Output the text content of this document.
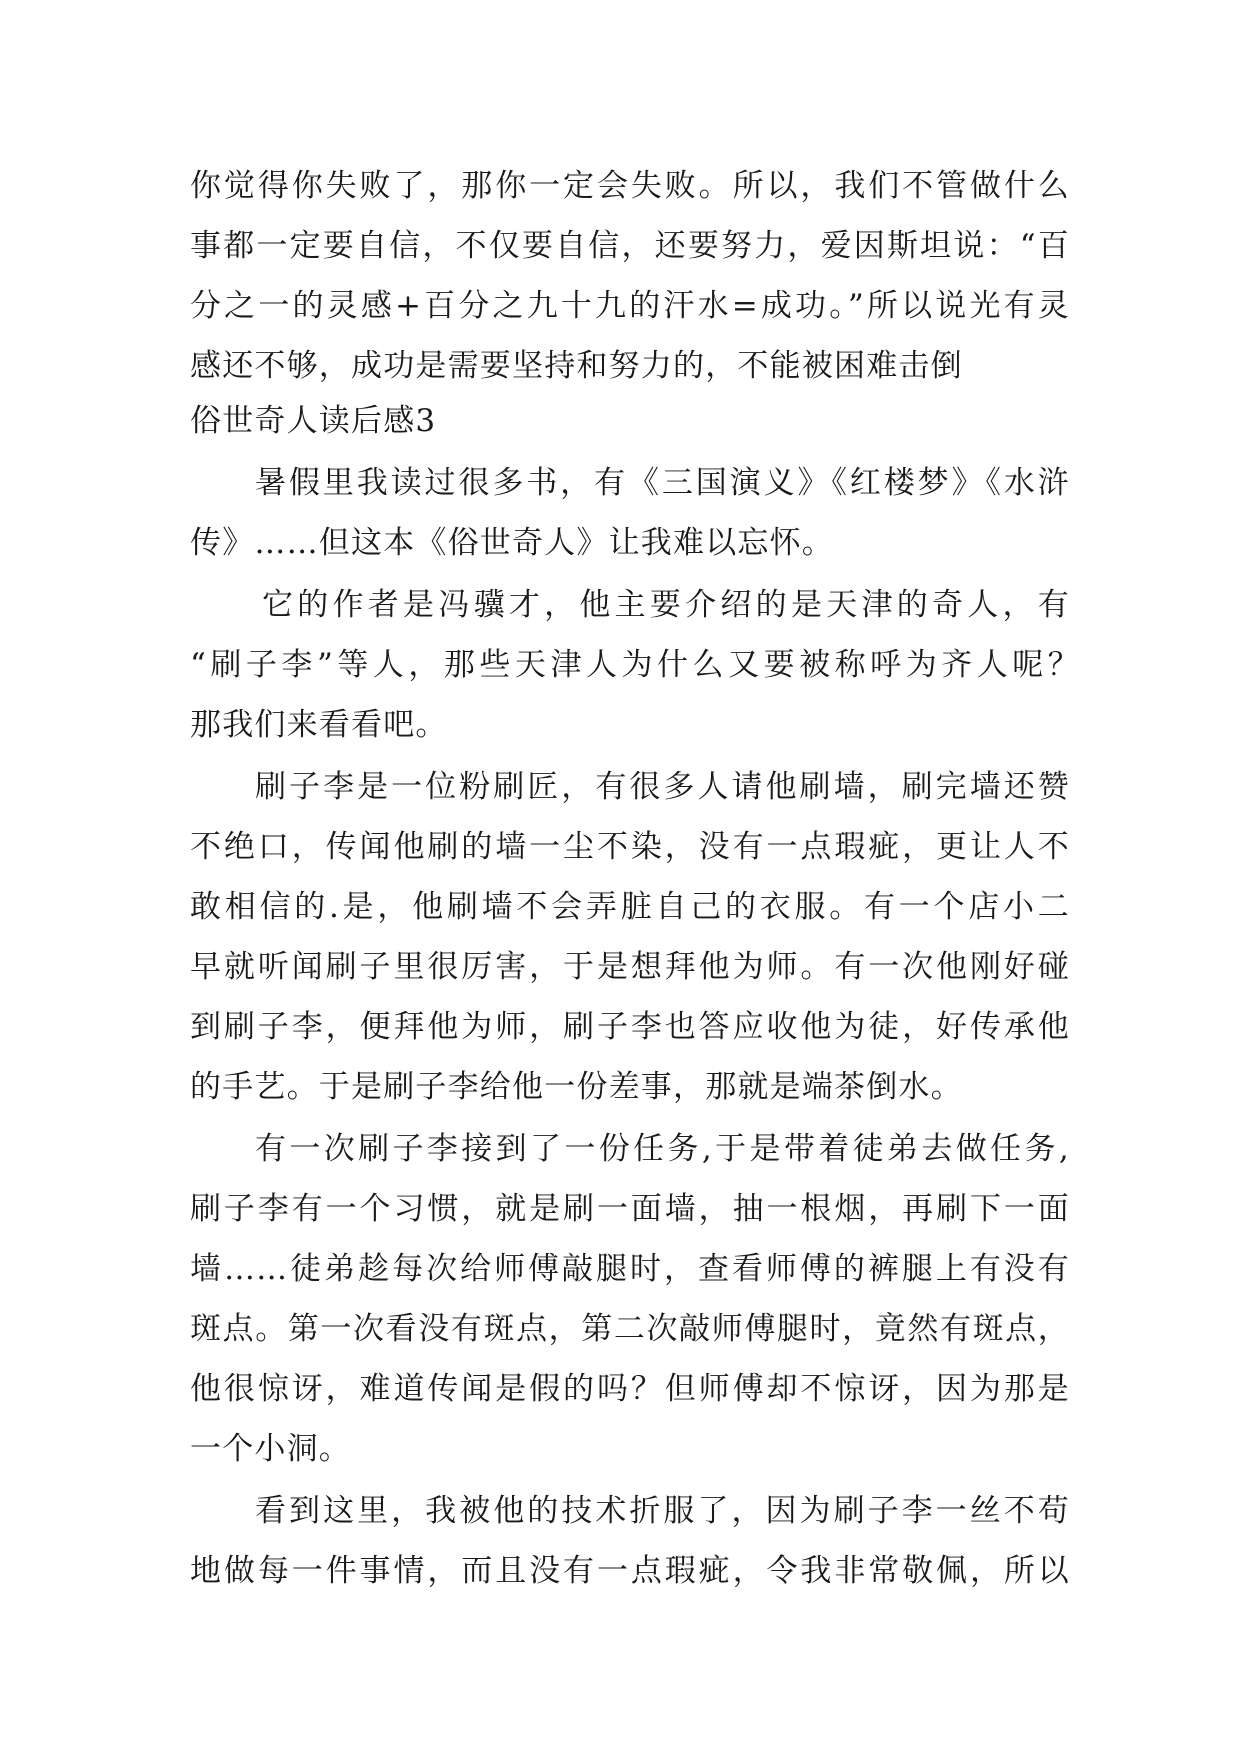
你觉得你失败了，那你一定会失败。所以，我们不管做什么
事都一定要自信，不仅要自信，还要努力，爱因斯坦说：“百
分之一的灵感+百分之九十九的汗水=成功。”所以说光有灵
感还不够，成功是需要坚持和努力的，不能被困难击倒
俗世奇人读后感3
暑假里我读过很多书，有《三国演义》《红楼梦》《水浒
传》……但这本《俗世奇人》让我难以忘怀。
它的作者是冯骥才，他主要介绍的是天津的奇人，有
“刷子李”等人，那些天津人为什么又要被称呼为齐人呢？
那我们来看看吧。
刷子李是一位粉刷匠，有很多人请他刷墙，刷完墙还赞
不绝口，传闻他刷的墙一尘不染，没有一点瑕疵，更让人不
敢相信的.是，他刷墙不会弄脏自己的衣服。有一个店小二
早就听闻刷子里很厉害，于是想拜他为师。有一次他刚好碰
到刷子李，便拜他为师，刷子李也答应收他为徒，好传承他
的手艺。于是刷子李给他一份差事，那就是端茶倒水。
有一次刷子李接到了一份任务,于是带着徒弟去做任务,
刷子李有一个习惯，就是刷一面墙，抽一根烟，再刷下一面
墙……徒弟趁每次给师傅敲腿时，查看师傅的裤腿上有没有
斑点。第一次看没有斑点，第二次敲师傅腿时，竟然有斑点，
他很惊讶，难道传闻是假的吗？但师傅却不惊讶，因为那是
一个小洞。
看到这里，我被他的技术折服了，因为刷子李一丝不苟
地做每一件事情，而且没有一点瑕疵，令我非常敬佩，所以
